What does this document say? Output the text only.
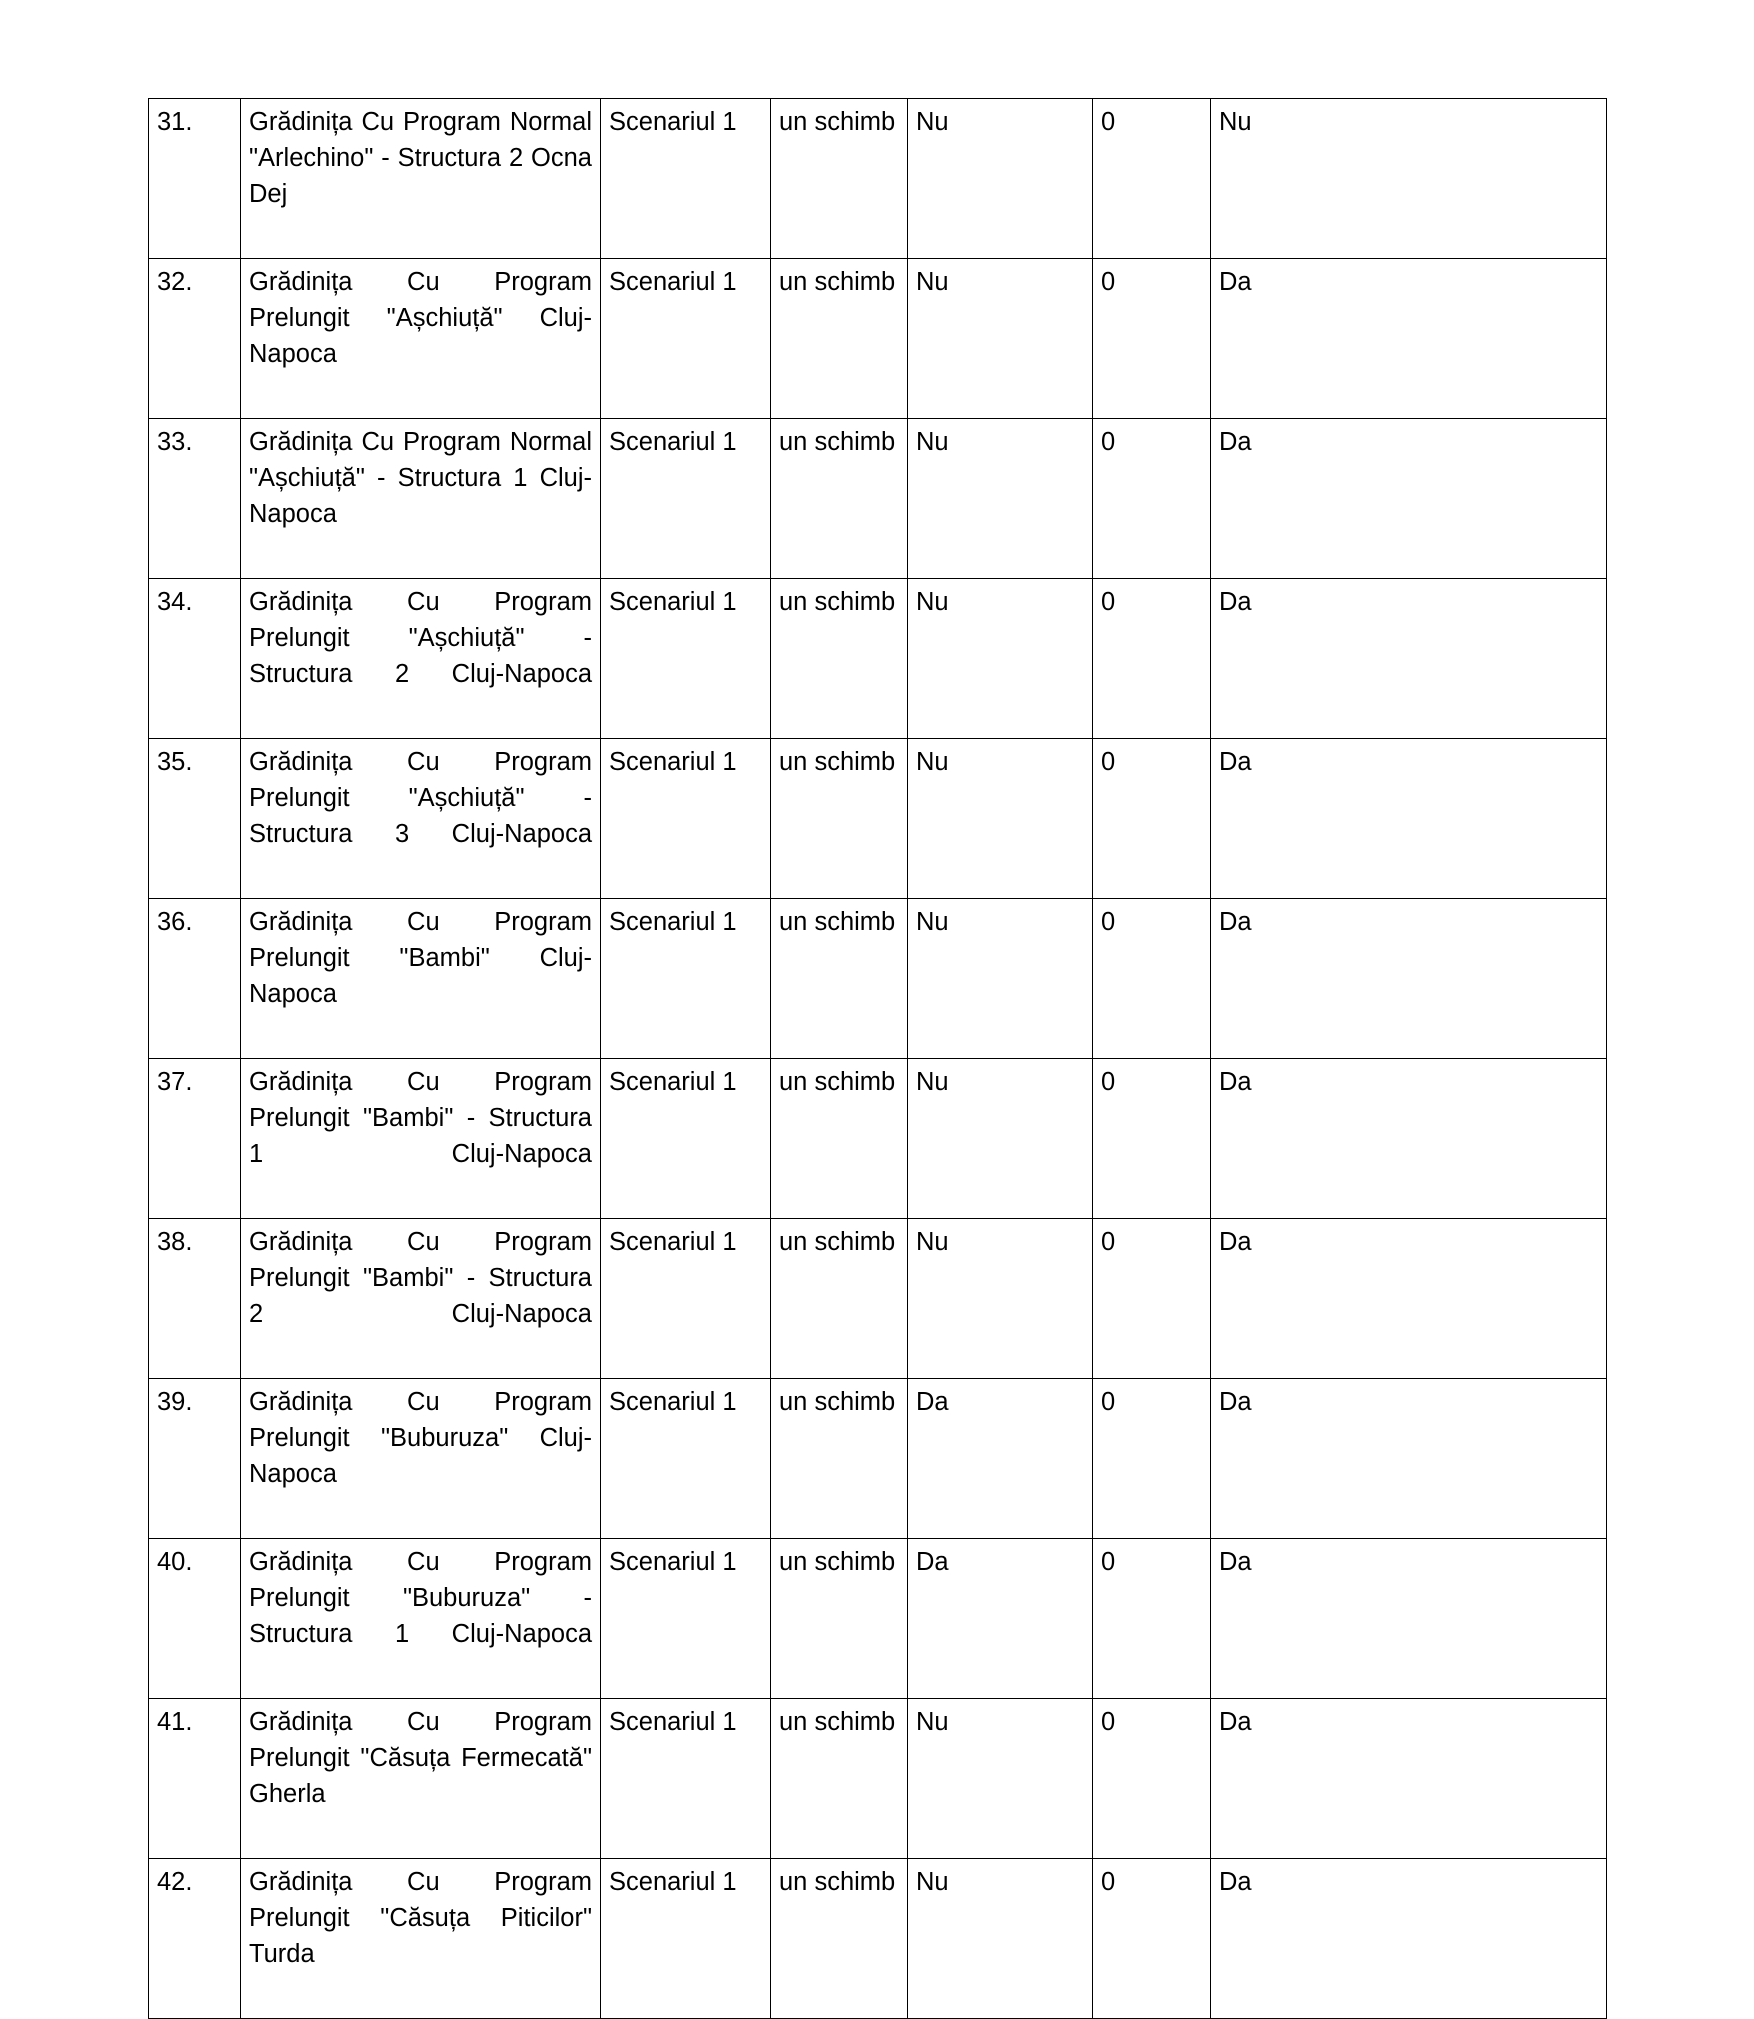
31.	Grădinița Cu Program Normal "Arlechino" - Structura 2 Ocna Dej	Scenariul 1	un schimb	Nu	0	Nu
32.	Grădinița Cu Program Prelungit "Așchiuță" Cluj-Napoca	Scenariul 1	un schimb	Nu	0	Da
33.	Grădinița Cu Program Normal "Așchiuță" - Structura 1 Cluj-Napoca	Scenariul 1	un schimb	Nu	0	Da
34.	Grădinița Cu Program Prelungit "Așchiuță" - Structura 2 Cluj-Napoca	Scenariul 1	un schimb	Nu	0	Da
35.	Grădinița Cu Program Prelungit "Așchiuță" - Structura 3 Cluj-Napoca	Scenariul 1	un schimb	Nu	0	Da
36.	Grădinița Cu Program Prelungit "Bambi" Cluj-Napoca	Scenariul 1	un schimb	Nu	0	Da
37.	Grădinița Cu Program Prelungit "Bambi" - Structura 1 Cluj-Napoca	Scenariul 1	un schimb	Nu	0	Da
38.	Grădinița Cu Program Prelungit "Bambi" - Structura 2 Cluj-Napoca	Scenariul 1	un schimb	Nu	0	Da
39.	Grădinița Cu Program Prelungit "Buburuza" Cluj-Napoca	Scenariul 1	un schimb	Da	0	Da
40.	Grădinița Cu Program Prelungit "Buburuza" - Structura 1 Cluj-Napoca	Scenariul 1	un schimb	Da	0	Da
41.	Grădinița Cu Program Prelungit "Căsuța Fermecată" Gherla	Scenariul 1	un schimb	Nu	0	Da
42.	Grădinița Cu Program Prelungit "Căsuța Piticilor" Turda	Scenariul 1	un schimb	Nu	0	Da
